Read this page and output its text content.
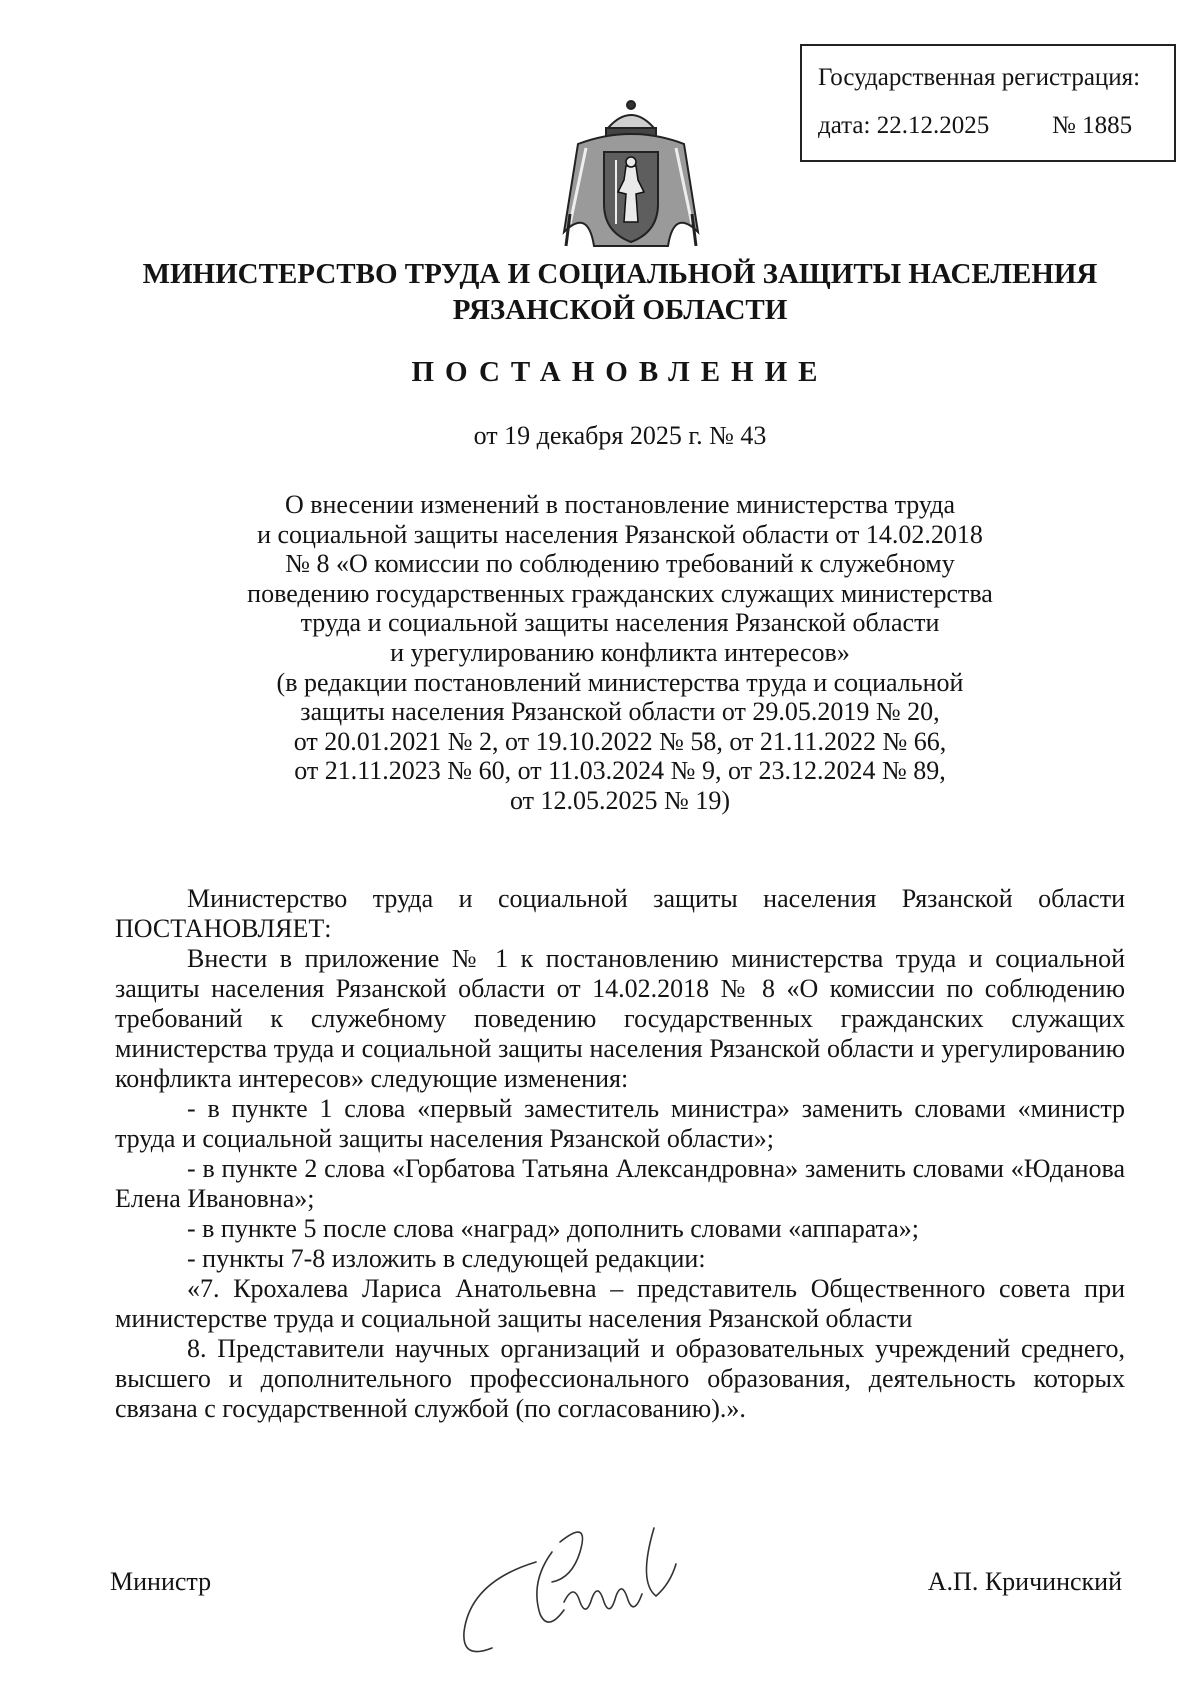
Государственная регистрация:
дата: 22.12.2025	№ 1885
МИНИСТЕРСТВО ТРУДА И СОЦИАЛЬНОЙ ЗАЩИТЫ НАСЕЛЕНИЯ
РЯЗАНСКОЙ ОБЛАСТИ
ПОСТАНОВЛЕНИЕ
от 19 декабря 2025 г. № 43
О внесении изменений в постановление министерства труда
и социальной защиты населения Рязанской области от 14.02.2018
№ 8 «О комиссии по соблюдению требований к служебному
поведению государственных гражданских служащих министерства
труда и социальной защиты населения Рязанской области
и урегулированию конфликта интересов»
(в редакции постановлений министерства труда и социальной
защиты населения Рязанской области от 29.05.2019 № 20,
от 20.01.2021 № 2, от 19.10.2022 № 58, от 21.11.2022 № 66,
от 21.11.2023 № 60, от 11.03.2024 № 9, от 23.12.2024 № 89,
от 12.05.2025 № 19)

Министерство труда и социальной защиты населения Рязанской области

ПОСТАНОВЛЯЕТ:

Внести в приложение № 1 к постановлению министерства труда и социальной защиты населения Рязанской области от 14.02.2018 № 8 «О комиссии по соблюдению требований к служебному поведению государственных гражданских служащих министерства труда и социальной защиты населения Рязанской области и урегулированию конфликта интересов» следующие изменения:

- в пункте 1 слова «первый заместитель министра» заменить словами «министр труда и социальной защиты населения Рязанской области»;

- в пункте 2 слова «Горбатова Татьяна Александровна» заменить словами «Юданова Елена Ивановна»;

- в пункте 5 после слова «наград» дополнить словами «аппарата»;

- пункты 7-8 изложить в следующей редакции:

«7. Крохалева Лариса Анатольевна – представитель Общественного совета при министерстве труда и социальной защиты населения Рязанской области

8. Представители научных организаций и образовательных учреждений среднего, высшего и дополнительного профессионального образования, деятельность которых связана с государственной службой (по согласованию).».

Министр	А.П. Кричинский
